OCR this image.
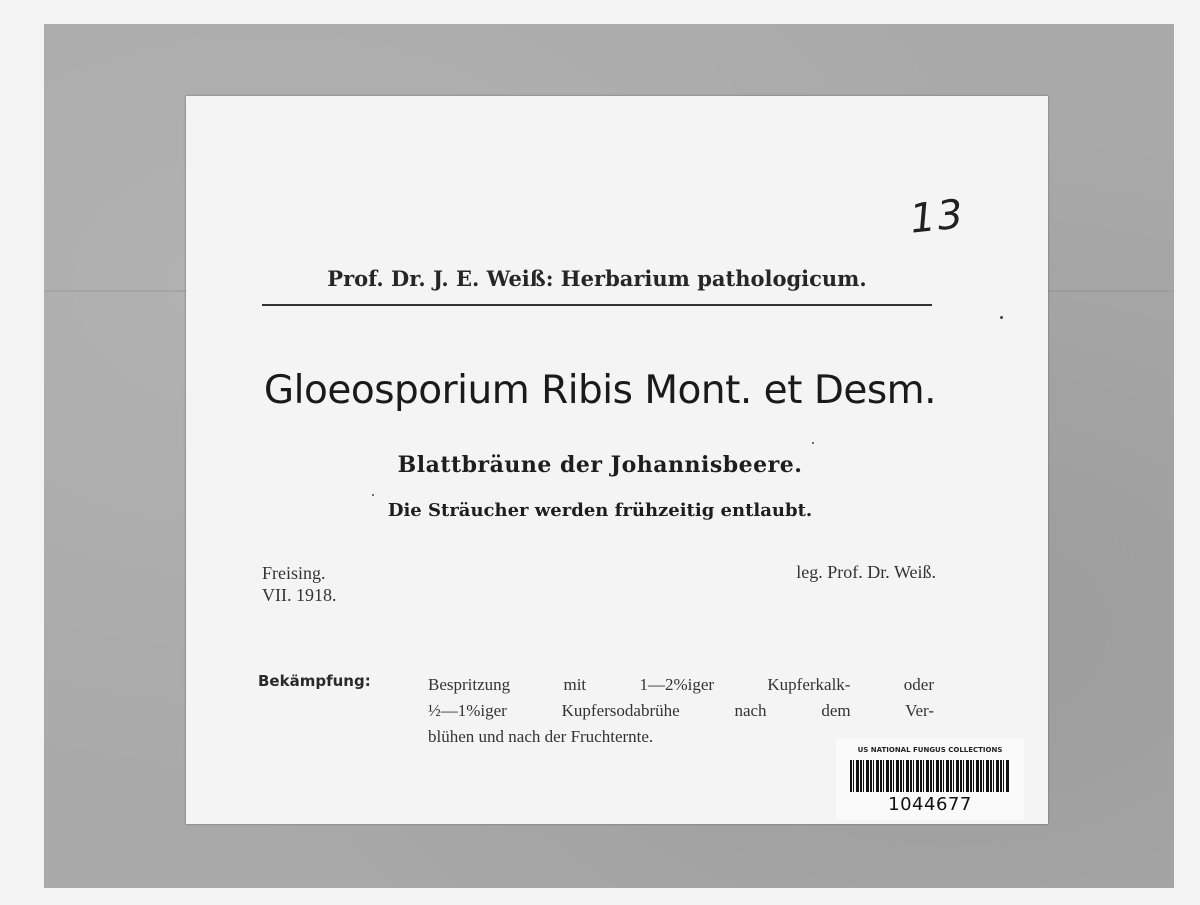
13
Prof. Dr. J. E. Weiß: Herbarium pathologicum.
Gloeosporium Ribis Mont. et Desm.
Blattbräune der Johannisbeere.
Die Sträucher werden frühzeitig entlaubt.
Freising.
VII. 1918.
leg. Prof. Dr. Weiß.
Bekämpfung:	Bespritzung mit 1—2%iger Kupferkalk- oder
½—1%iger Kupfersodabrühe nach dem Ver-
blühen und nach der Fruchternte.
US NATIONAL FUNGUS COLLECTIONS
1044677
